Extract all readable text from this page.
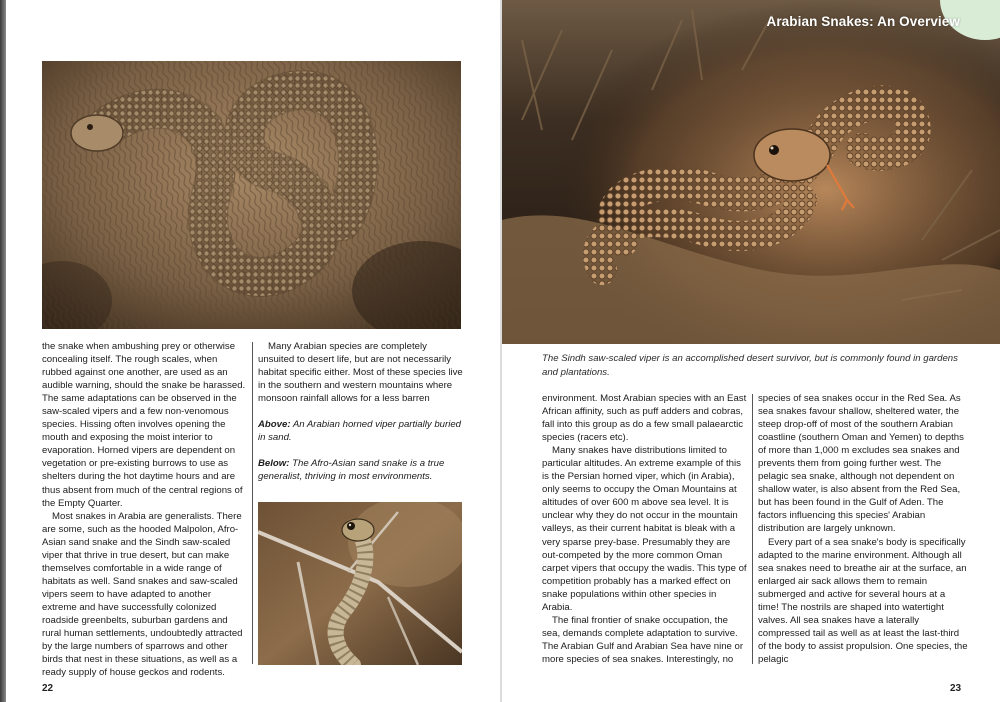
the snake when ambushing prey or otherwise concealing itself. The rough scales, when rubbed against one another, are used as an audible warning, should the snake be harassed. The same adaptations can be observed in the saw-scaled vipers and a few non-venomous species. Hissing often involves opening the mouth and exposing the moist interior to evaporation. Horned vipers are dependent on vegetation or pre-existing burrows to use as shelters during the hot daytime hours and are thus absent from much of the central regions of the Empty Quarter.

Most snakes in Arabia are generalists. There are some, such as the hooded Malpolon, Afro-Asian sand snake and the Sindh saw-scaled viper that thrive in true desert, but can make themselves comfortable in a wide range of habitats as well. Sand snakes and saw-scaled vipers seem to have adapted to another extreme and have successfully colonized roadside greenbelts, suburban gardens and rural human settlements, undoubtedly attracted by the large numbers of sparrows and other birds that nest in these situations, as well as a ready supply of house geckos and rodents.

Many Arabian species are completely unsuited to desert life, but are not necessarily habitat specific either. Most of these species live in the southern and western mountains where monsoon rainfall allows for a less barren

Above: An Arabian horned viper partially buried in sand.

Below: The Afro-Asian sand snake is a true generalist, thriving in most environments.

22
Arabian Snakes: An Overview
The Sindh saw-scaled viper is an accomplished desert survivor, but is commonly found in gardens and plantations.

environment. Most Arabian species with an East African affinity, such as puff adders and cobras, fall into this group as do a few small palaearctic species (racers etc).

Many snakes have distributions limited to particular altitudes. An extreme example of this is the Persian horned viper, which (in Arabia), only seems to occupy the Oman Mountains at altitudes of over 600 m above sea level. It is unclear why they do not occur in the mountain valleys, as their current habitat is bleak with a very sparse prey-base. Presumably they are out-competed by the more common Oman carpet vipers that occupy the wadis. This type of competition probably has a marked effect on snake populations within other species in Arabia.

The final frontier of snake occupation, the sea, demands complete adaptation to survive. The Arabian Gulf and Arabian Sea have nine or more species of sea snakes. Interestingly, no

species of sea snakes occur in the Red Sea. As sea snakes favour shallow, sheltered water, the steep drop-off of most of the southern Arabian coastline (southern Oman and Yemen) to depths of more than 1,000 m excludes sea snakes and prevents them from going further west. The pelagic sea snake, although not dependent on shallow water, is also absent from the Red Sea, but has been found in the Gulf of Aden. The factors influencing this species' Arabian distribution are largely unknown.

Every part of a sea snake's body is specifically adapted to the marine environment. Although all sea snakes need to breathe air at the surface, an enlarged air sack allows them to remain submerged and active for several hours at a time! The nostrils are shaped into watertight valves. All sea snakes have a laterally compressed tail as well as at least the last-third of the body to assist propulsion. One species, the pelagic

23
